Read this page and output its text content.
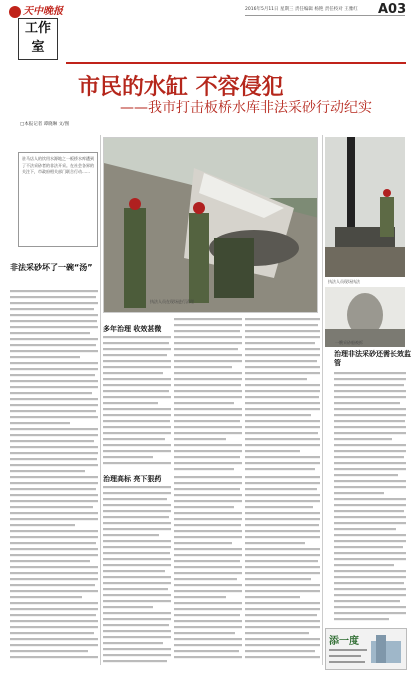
天中晚报
工作
室
2016年5月11日 星期三 责任编辑 杨艳 责任校对 王雅红 A03
市民的水缸 不容侵犯
——我市打击板桥水库非法采砂行动纪实
□本报记者 谭晓琳 文/图
驻马店人的饮用水源地之一板桥水库遭到了不法采砂者的非法开采。在社会各界的关注下，市政府相关部门联合行动……
非法采砂坏了一碗“汤”
执法人员在现场进行清理
执法人员现场执法
一艘采砂船被拆
多年治理 收效甚微
治理高标 亮下狠药
治理非法采砂还需长效监管
添一度
